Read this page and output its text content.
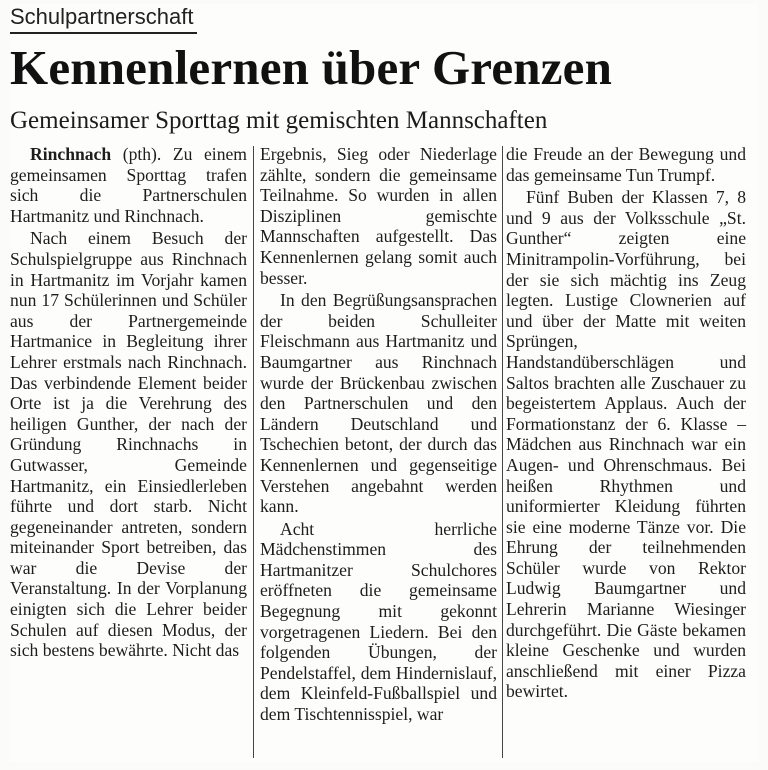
Schulpartnerschaft
Kennenlernen über Grenzen
Gemeinsamer Sporttag mit gemischten Mannschaften

Rinchnach (pth). Zu einem gemeinsamen Sporttag trafen sich die Partnerschulen Hartmanitz und Rinchnach.

Nach einem Besuch der Schulspielgruppe aus Rinchnach in Hartmanitz im Vorjahr kamen nun 17 Schülerinnen und Schüler aus der Partnergemeinde Hartmanice in Begleitung ihrer Lehrer erstmals nach Rinchnach. Das verbindende Element beider Orte ist ja die Verehrung des heiligen Gunther, der nach der Gründung Rinchnachs in Gutwasser, Gemeinde Hartmanitz, ein Einsiedlerleben führte und dort starb. Nicht gegeneinander antreten, sondern miteinander Sport betreiben, das war die Devise der Veranstaltung. In der Vorplanung einigten sich die Lehrer beider Schulen auf diesen Modus, der sich bestens bewährte. Nicht das

Ergebnis, Sieg oder Niederlage zählte, sondern die gemeinsame Teilnahme. So wurden in allen Disziplinen gemischte Mannschaften aufgestellt. Das Kennenlernen gelang somit auch besser.

In den Begrüßungsansprachen der beiden Schulleiter Fleischmann aus Hartmanitz und Baumgartner aus Rinchnach wurde der Brückenbau zwischen den Partnerschulen und den Ländern Deutschland und Tschechien betont, der durch das Kennenlernen und gegenseitige Verstehen angebahnt werden kann.

Acht herrliche Mädchenstimmen des Hartmanitzer Schulchores eröffneten die gemeinsame Begegnung mit gekonnt vorgetragenen Liedern. Bei den folgenden Übungen, der Pendelstaffel, dem Hindernislauf, dem Kleinfeld-Fußballspiel und dem Tischtennisspiel, war

die Freude an der Bewegung und das gemeinsame Tun Trumpf.

Fünf Buben der Klassen 7, 8 und 9 aus der Volksschule „St. Gunther“ zeigten eine Minitrampolin-Vorführung, bei der sie sich mächtig ins Zeug legten. Lustige Clownerien auf und über der Matte mit weiten Sprüngen, Handstandüberschlägen und Saltos brachten alle Zuschauer zu begeistertem Applaus. Auch der Formationstanz der 6. Klasse – Mädchen aus Rinchnach war ein Augen- und Ohrenschmaus. Bei heißen Rhythmen und uniformierter Kleidung führten sie eine moderne Tänze vor. Die Ehrung der teilnehmenden Schüler wurde von Rektor Ludwig Baumgartner und Lehrerin Marianne Wiesinger durchgeführt. Die Gäste bekamen kleine Geschenke und wurden anschließend mit einer Pizza bewirtet.
